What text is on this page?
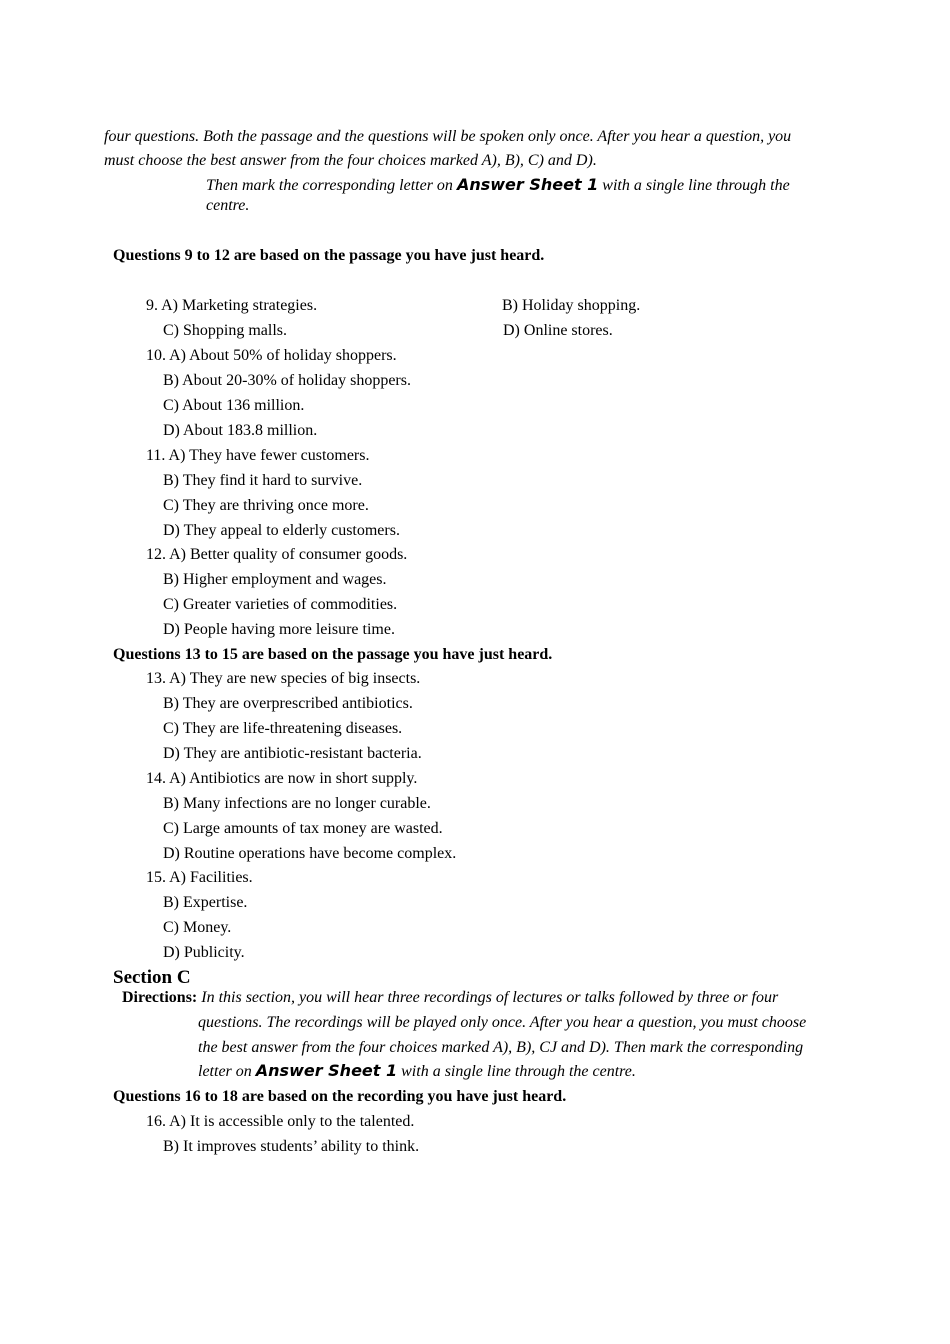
four questions. Both the passage and the questions will be spoken only once. After you hear a question, you
must choose the best answer from the four choices marked A), B), C) and D).
Then mark the corresponding letter on Answer Sheet 1 with a single line through the
centre.
Questions 9 to 12 are based on the passage you have just heard.
9. A) Marketing strategies.	B) Holiday shopping.
C) Shopping malls.	D) Online stores.
10. A) About 50% of holiday shoppers.
B) About 20-30% of holiday shoppers.
C) About 136 million.
D) About 183.8 million.
11. A) They have fewer customers.
B) They find it hard to survive.
C) They are thriving once more.
D) They appeal to elderly customers.
12. A) Better quality of consumer goods.
B) Higher employment and wages.
C) Greater varieties of commodities.
D) People having more leisure time.
Questions 13 to 15 are based on the passage you have just heard.
13. A) They are new species of big insects.
B) They are overprescribed antibiotics.
C) They are life-threatening diseases.
D) They are antibiotic-resistant bacteria.
14. A) Antibiotics are now in short supply.
B) Many infections are no longer curable.
C) Large amounts of tax money are wasted.
D) Routine operations have become complex.
15. A) Facilities.
B) Expertise.
C) Money.
D) Publicity.
Section C
Directions: In this section, you will hear three recordings of lectures or talks followed by three or four
questions. The recordings will be played only once. After you hear a question, you must choose
the best answer from the four choices marked A), B), CJ and D). Then mark the corresponding
letter on Answer Sheet 1 with a single line through the centre.
Questions 16 to 18 are based on the recording you have just heard.
16. A) It is accessible only to the talented.
B) It improves students’ ability to think.
